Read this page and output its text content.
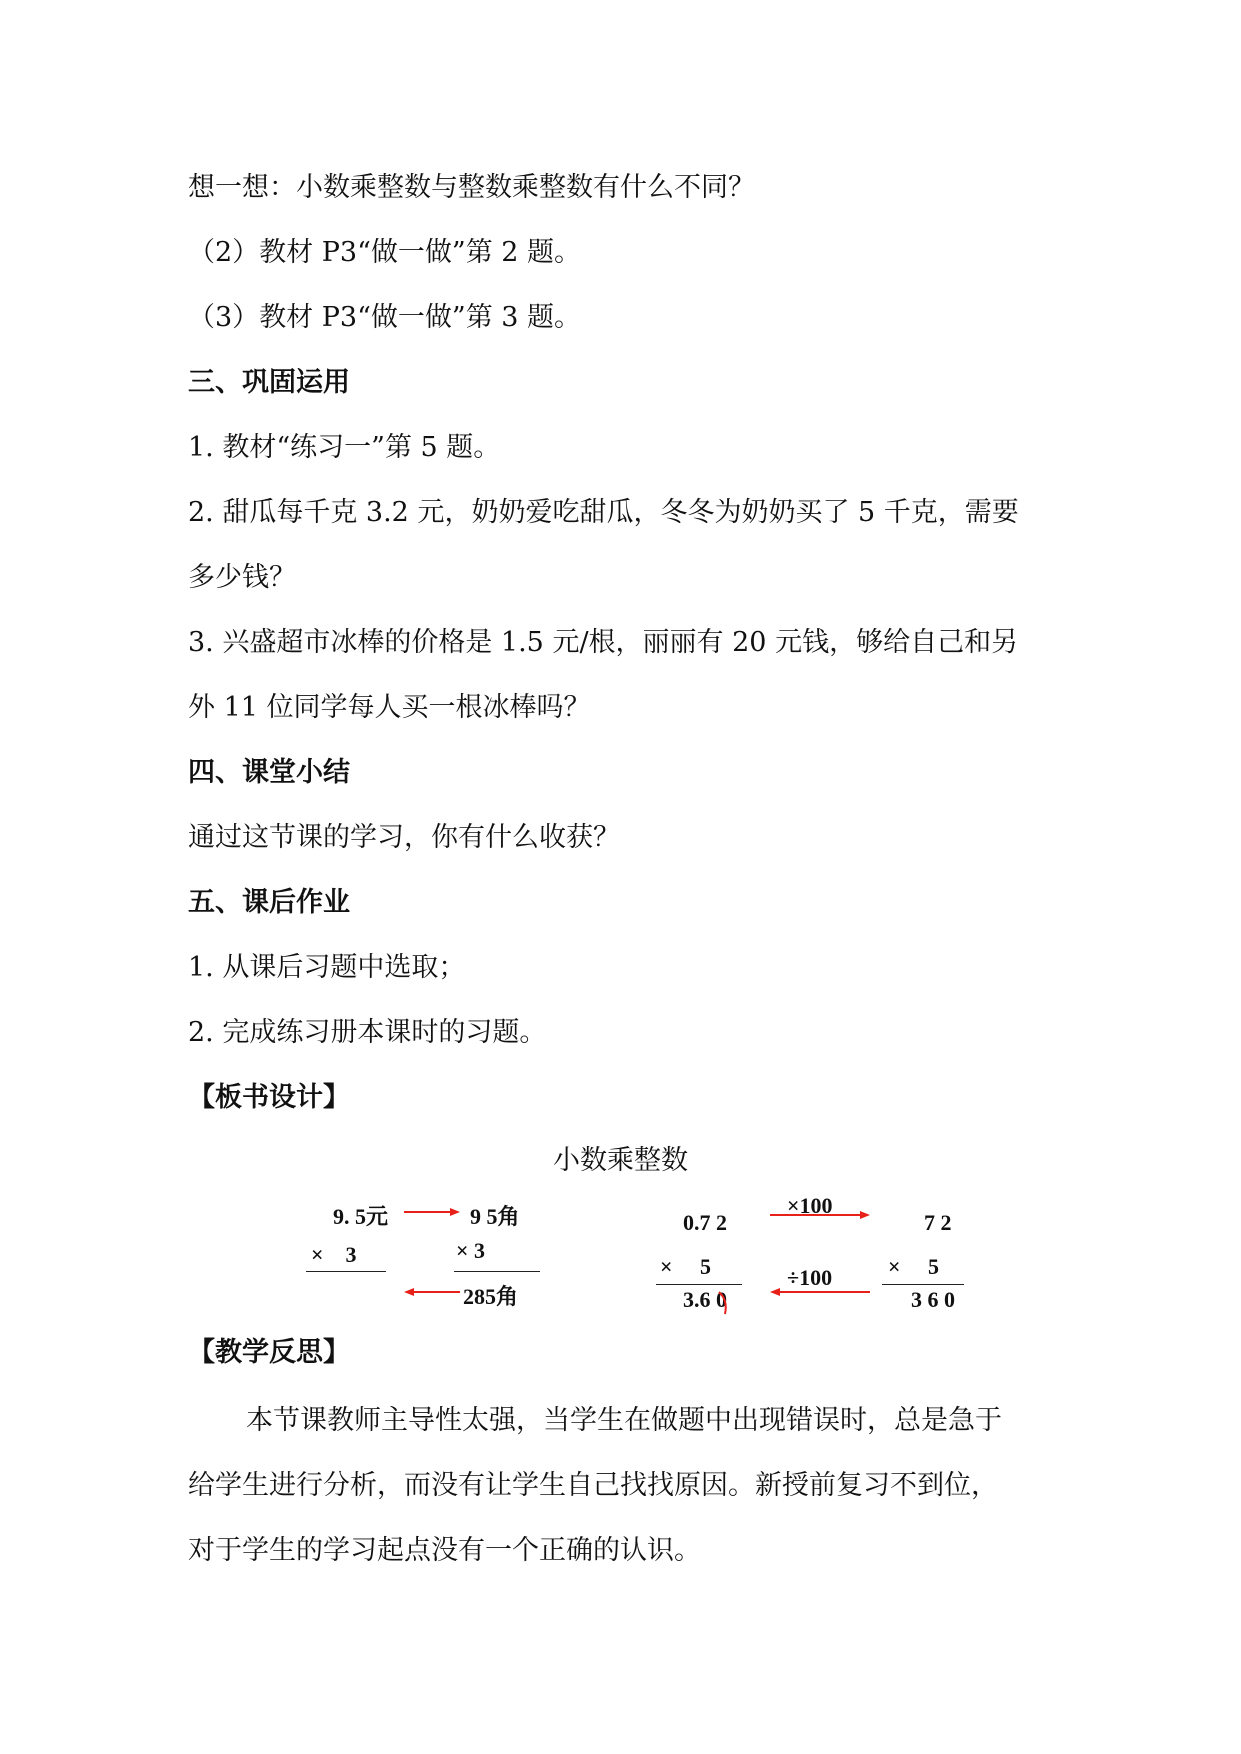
想一想：小数乘整数与整数乘整数有什么不同？
（2）教材 P3“做一做”第 2 题。
（3）教材 P3“做一做”第 3 题。
三、巩固运用
1. 教材“练习一”第 5 题。
2. 甜瓜每千克 3.2 元，奶奶爱吃甜瓜，冬冬为奶奶买了 5 千克，需要
多少钱？
3. 兴盛超市冰棒的价格是 1.5 元/根，丽丽有 20 元钱，够给自己和另
外 11 位同学每人买一根冰棒吗？
四、课堂小结
通过这节课的学习，你有什么收获？
五、课后作业
1. 从课后习题中选取；
2. 完成练习册本课时的习题。
【板书设计】
小数乘整数
9. 5元
×　3
9 5角
× 3
285角
0.7 2
×　 5
3.6 0
×100
÷100
7 2
×　 5
3 6 0
【教学反思】
本节课教师主导性太强，当学生在做题中出现错误时，总是急于
给学生进行分析，而没有让学生自己找找原因。新授前复习不到位，
对于学生的学习起点没有一个正确的认识。
